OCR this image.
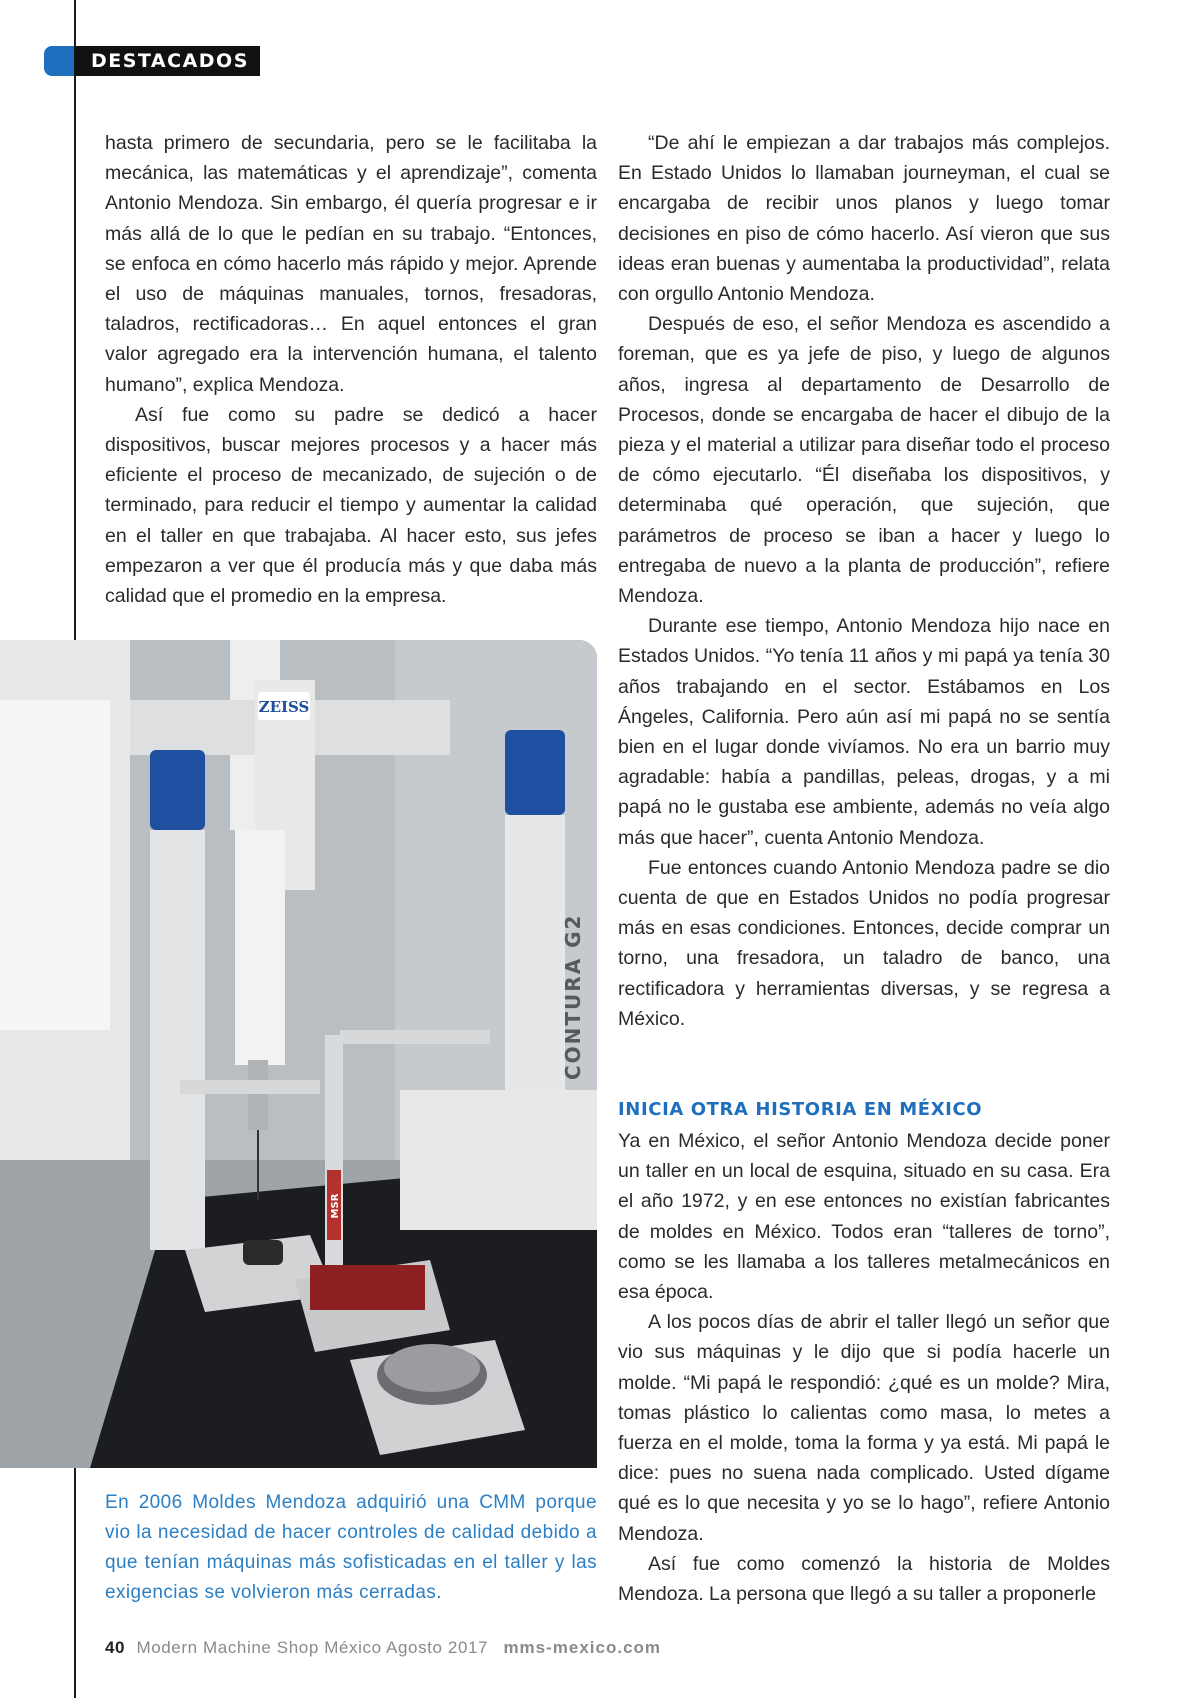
DESTACADOS

hasta primero de secundaria, pero se le facilitaba la mecánica, las matemáticas y el aprendizaje”, comenta Antonio Mendoza. Sin embargo, él quería progresar e ir más allá de lo que le pedían en su trabajo. “Entonces, se enfoca en cómo hacerlo más rápido y mejor. Aprende el uso de máquinas manuales, tornos, fresadoras, taladros, rectificadoras… En aquel entonces el gran valor agregado era la intervención humana, el talento humano”, explica Mendoza.

Así fue como su padre se dedicó a hacer dispositivos, buscar mejores procesos y a hacer más eficiente el proceso de mecanizado, de sujeción o de terminado, para reducir el tiempo y aumentar la calidad en el taller en que trabajaba. Al hacer esto, sus jefes empezaron a ver que él producía más y que daba más calidad que el promedio en la empresa.

“De ahí le empiezan a dar trabajos más complejos. En Estado Unidos lo llamaban journeyman, el cual se encargaba de recibir unos planos y luego tomar decisiones en piso de cómo hacerlo. Así vieron que sus ideas eran buenas y aumentaba la productividad”, relata con orgullo Antonio Mendoza.

Después de eso, el señor Mendoza es ascendido a foreman, que es ya jefe de piso, y luego de algunos años, ingresa al departamento de Desarrollo de Procesos, donde se encargaba de hacer el dibujo de la pieza y el material a utilizar para diseñar todo el proceso de cómo ejecutarlo. “Él diseñaba los dispositivos, y determinaba qué operación, que sujeción, que parámetros de proceso se iban a hacer y luego lo entregaba de nuevo a la planta de producción”, refiere Mendoza.

Durante ese tiempo, Antonio Mendoza hijo nace en Estados Unidos. “Yo tenía 11 años y mi papá ya tenía 30 años trabajando en el sector. Estábamos en Los Ángeles, California. Pero aún así mi papá no se sentía bien en el lugar donde vivíamos. No era un barrio muy agradable: había a pandillas, peleas, drogas, y a mi papá no le gustaba ese ambiente, además no veía algo más que hacer”, cuenta Antonio Mendoza.

Fue entonces cuando Antonio Mendoza padre se dio cuenta de que en Estados Unidos no podía progresar más en esas condiciones. Entonces, decide comprar un torno, una fresadora, un taladro de banco, una rectificadora y herramientas diversas, y se regresa a México.

INICIA OTRA HISTORIA EN MÉXICO

Ya en México, el señor Antonio Mendoza decide poner un taller en un local de esquina, situado en su casa. Era el año 1972, y en ese entonces no existían fabricantes de moldes en México. Todos eran “talleres de torno”, como se les llamaba a los talleres metalmecánicos en esa época.

A los pocos días de abrir el taller llegó un señor que vio sus máquinas y le dijo que si podía hacerle un molde. “Mi papá le respondió: ¿qué es un molde? Mira, tomas plástico lo calientas como masa, lo metes a fuerza en el molde, toma la forma y ya está. Mi papá le dice: pues no suena nada complicado. Usted dígame qué es lo que necesita y yo se lo hago”, refiere Antonio Mendoza.

Así fue como comenzó la historia de Moldes Mendoza. La persona que llegó a su taller a proponerle

ZEISS
MSR
CONTURA G2
En 2006 Moldes Mendoza adquirió una CMM porque vio la necesidad de hacer controles de calidad debido a que tenían máquinas más sofisticadas en el taller y las exigencias se volvieron más cerradas.
40 Modern Machine Shop México Agosto 2017 mms-mexico.com
